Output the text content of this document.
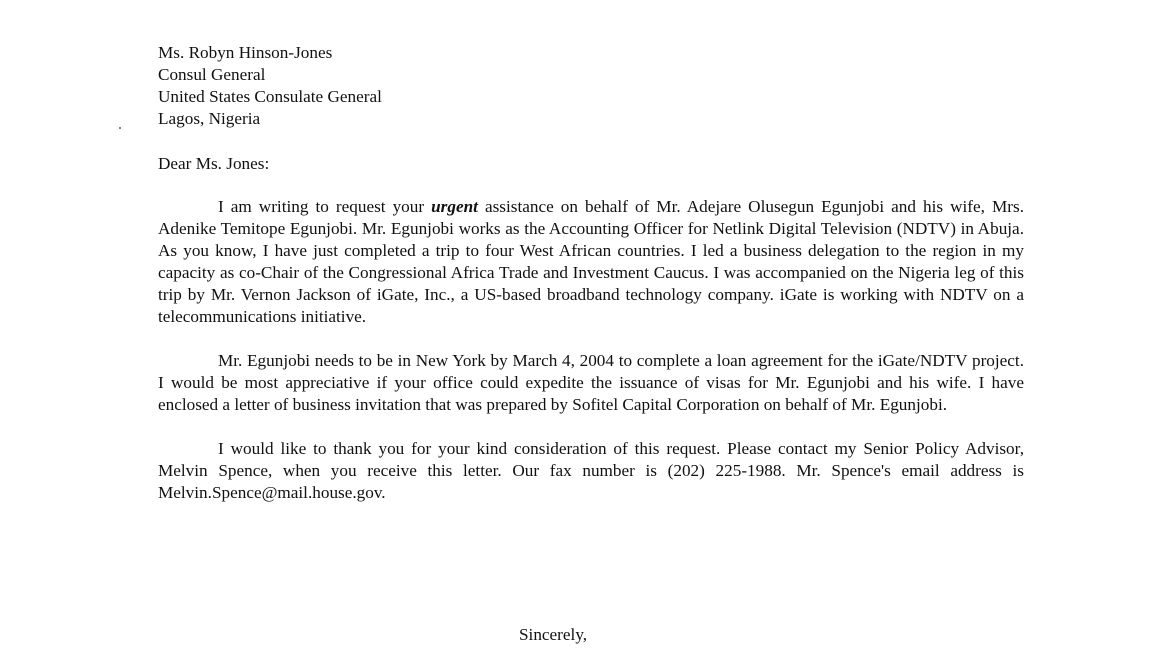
Ms. Robyn Hinson-Jones
Consul General
United States Consulate General
Lagos, Nigeria
Dear Ms. Jones:

I am writing to request your urgent assistance on behalf of Mr. Adejare Olusegun Egunjobi and his wife, Mrs. Adenike Temitope Egunjobi. Mr. Egunjobi works as the Accounting Officer for Netlink Digital Television (NDTV) in Abuja. As you know, I have just completed a trip to four West African countries. I led a business delegation to the region in my capacity as co-Chair of the Congressional Africa Trade and Investment Caucus. I was accompanied on the Nigeria leg of this trip by Mr. Vernon Jackson of iGate, Inc., a US-based broadband technology company. iGate is working with NDTV on a telecommunications initiative.

Mr. Egunjobi needs to be in New York by March 4, 2004 to complete a loan agreement for the iGate/NDTV project. I would be most appreciative if your office could expedite the issuance of visas for Mr. Egunjobi and his wife. I have enclosed a letter of business invitation that was prepared by Sofitel Capital Corporation on behalf of Mr. Egunjobi.

I would like to thank you for your kind consideration of this request. Please contact my Senior Policy Advisor, Melvin Spence, when you receive this letter. Our fax number is (202) 225-1988. Mr. Spence's email address is Melvin.Spence@mail.house.gov.

Sincerely,
